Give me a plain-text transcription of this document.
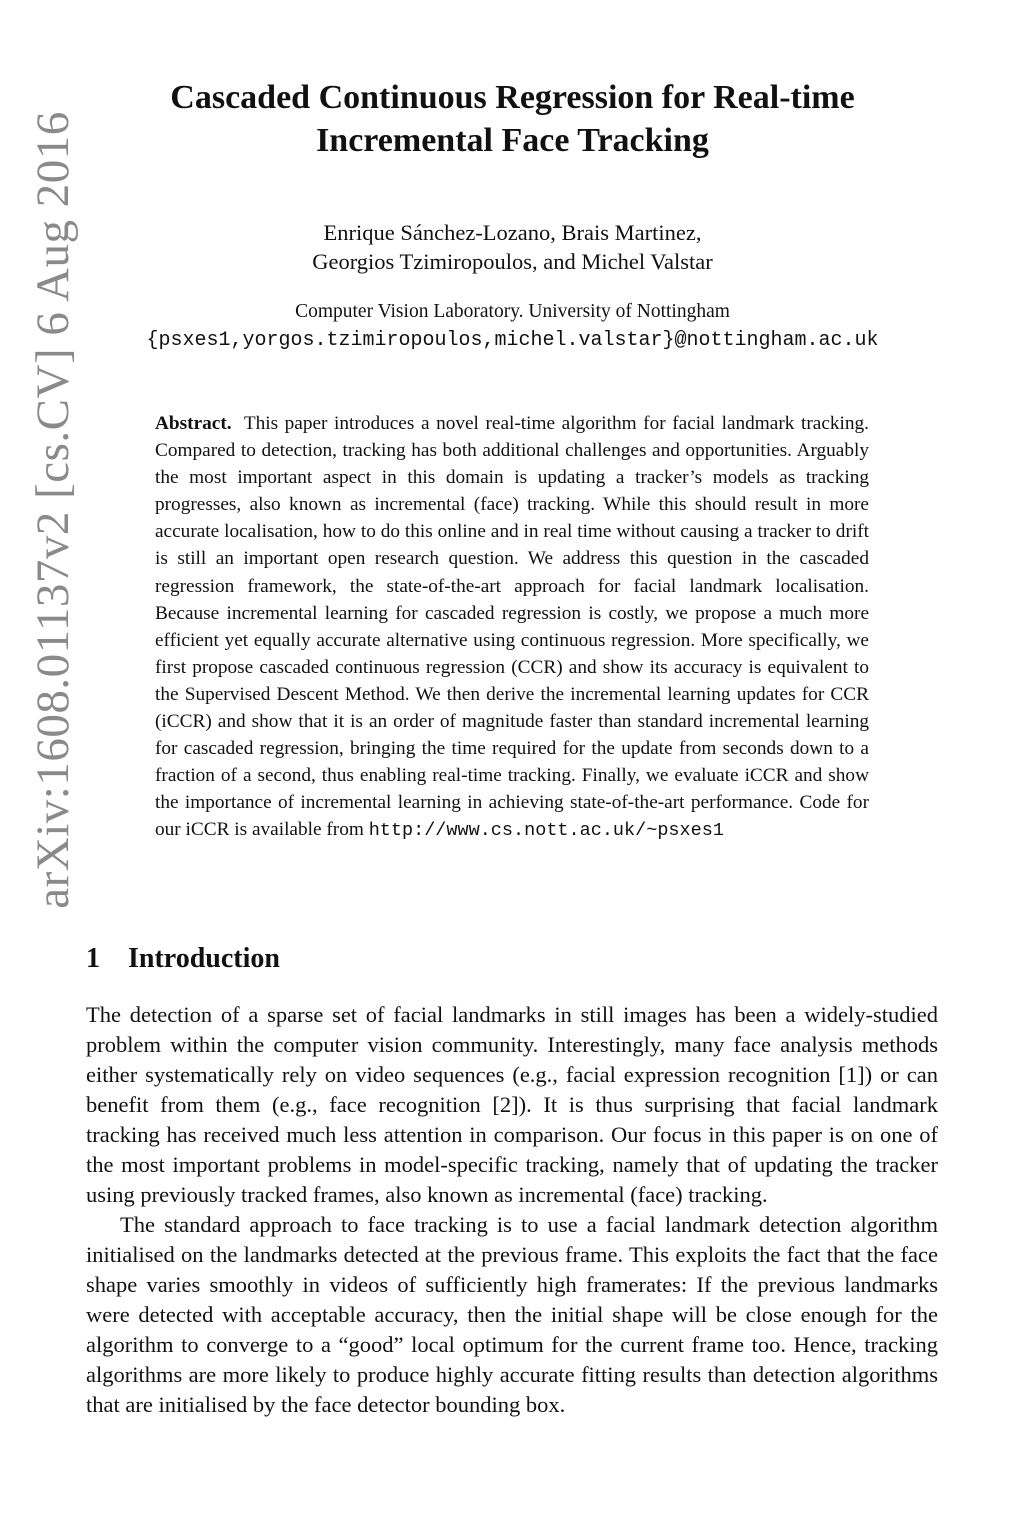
arXiv:1608.01137v2 [cs.CV] 6 Aug 2016
Cascaded Continuous Regression for Real-time
Incremental Face Tracking
Enrique Sánchez-Lozano, Brais Martinez,
Georgios Tzimiropoulos, and Michel Valstar
Computer Vision Laboratory. University of Nottingham
{psxes1,yorgos.tzimiropoulos,michel.valstar}@nottingham.ac.uk
Abstract. This paper introduces a novel real-time algorithm for facial landmark tracking. Compared to detection, tracking has both additional challenges and opportunities. Arguably the most important aspect in this domain is updating a tracker’s models as tracking progresses, also known as incremental (face) tracking. While this should result in more accurate localisation, how to do this online and in real time without causing a tracker to drift is still an important open research question. We address this question in the cascaded regression framework, the state-of-the-art approach for facial landmark localisation. Because incremental learning for cascaded regression is costly, we propose a much more efficient yet equally accurate alternative using continuous regression. More specifically, we first propose cascaded continuous regression (CCR) and show its accuracy is equivalent to the Supervised Descent Method. We then derive the incremental learning updates for CCR (iCCR) and show that it is an order of magnitude faster than standard incremental learning for cascaded regression, bringing the time required for the update from seconds down to a fraction of a second, thus enabling real-time tracking. Finally, we evaluate iCCR and show the importance of incremental learning in achieving state-of-the-art performance. Code for our iCCR is available from http://www.cs.nott.ac.uk/~psxes1
1 Introduction

The detection of a sparse set of facial landmarks in still images has been a widely-studied problem within the computer vision community. Interestingly, many face analysis methods either systematically rely on video sequences (e.g., facial expression recognition [1]) or can benefit from them (e.g., face recognition [2]). It is thus surprising that facial landmark tracking has received much less attention in comparison. Our focus in this paper is on one of the most important problems in model-specific tracking, namely that of updating the tracker using previously tracked frames, also known as incremental (face) tracking.

The standard approach to face tracking is to use a facial landmark detection algorithm initialised on the landmarks detected at the previous frame. This exploits the fact that the face shape varies smoothly in videos of sufficiently high framerates: If the previous landmarks were detected with acceptable accuracy, then the initial shape will be close enough for the algorithm to converge to a “good” local optimum for the current frame too. Hence, tracking algorithms are more likely to produce highly accurate fitting results than detection algorithms that are initialised by the face detector bounding box.
